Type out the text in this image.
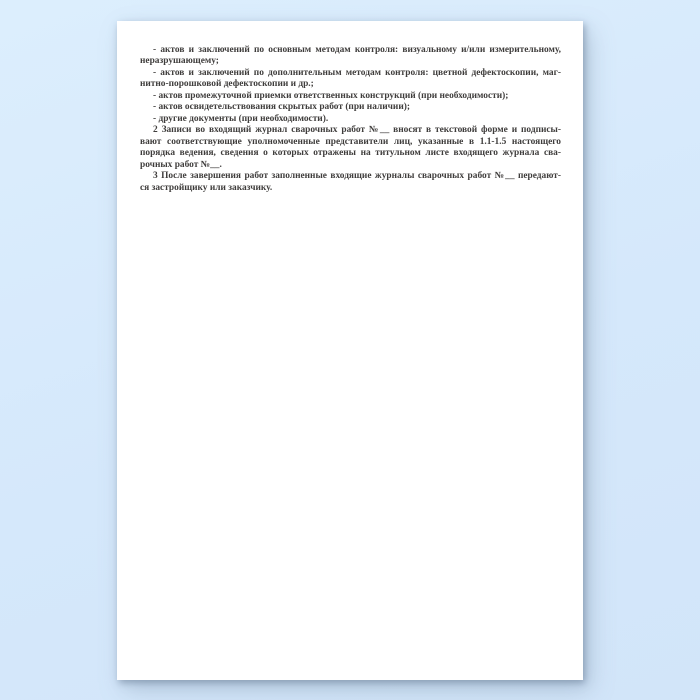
- актов и заключений по основным методам контроля: визуальному и/или измерительному,
неразрушающему;
- актов и заключений по дополнительным методам контроля: цветной дефектоскопии, маг-
нитно-порошковой дефектоскопии и др.;
- актов промежуточной приемки ответственных конструкций (при необходимости);
- актов освидетельствования скрытых работ (при наличии);
- другие документы (при необходимости).
2 Записи во входящий журнал сварочных работ №__ вносят в текстовой форме и подписы-
вают соответствующие уполномоченные представители лиц, указанные в 1.1-1.5 настоящего
порядка ведения, сведения о которых отражены на титульном листе входящего журнала сва-
рочных работ №__.
3 После завершения работ заполненные входящие журналы сварочных работ №__ передают-
ся застройщику или заказчику.
